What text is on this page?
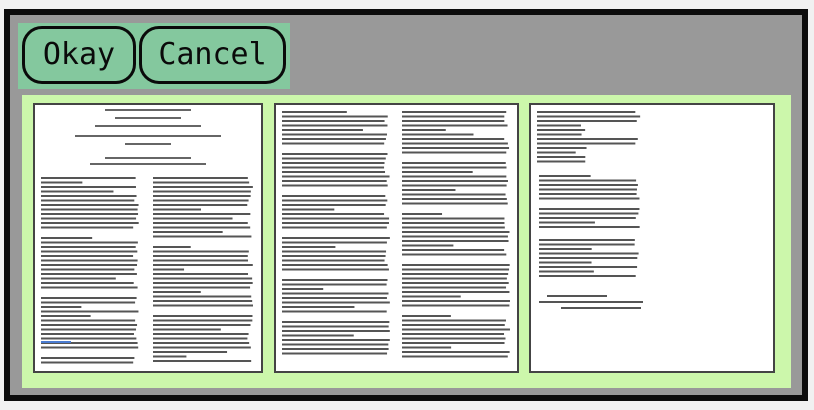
Okay	Cancel
